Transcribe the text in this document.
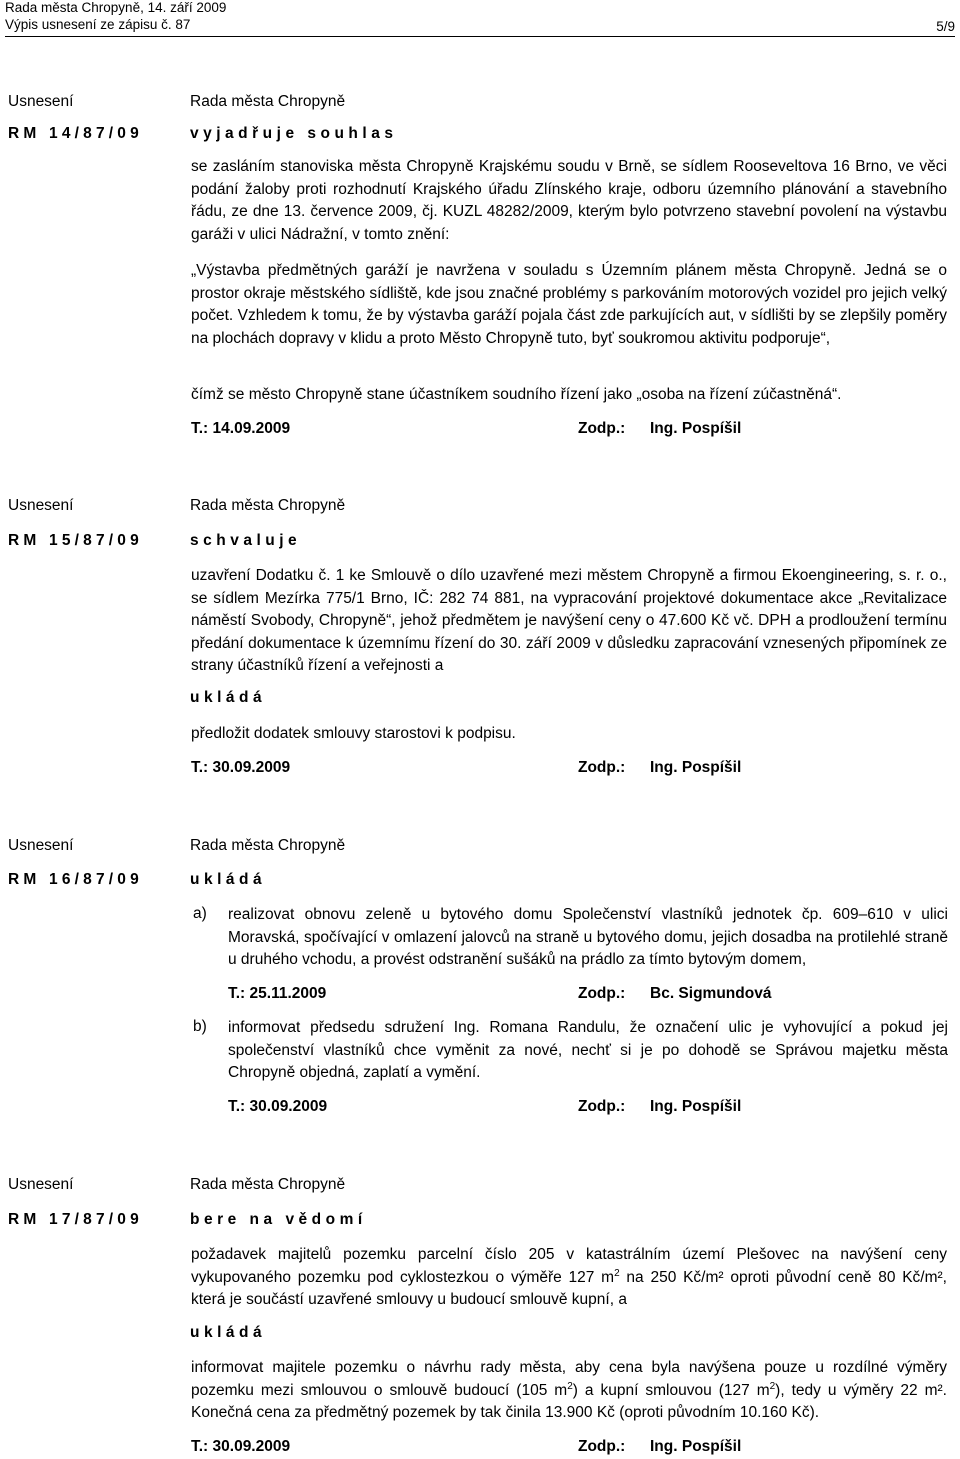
Rada města Chropyně, 14. září 2009
Výpis usnesení ze zápisu č. 87	5/9
Usnesení
RM 14/87/09
Rada města Chropyně
vyjadřuje souhlas

se zasláním stanoviska města Chropyně Krajskému soudu v Brně, se sídlem Rooseveltova 16 Brno, ve věci podání žaloby proti rozhodnutí Krajského úřadu Zlínského kraje, odboru územního plánování a stavebního řádu, ze dne 13. července 2009, čj. KUZL 48282/2009, kterým bylo potvrzeno stavební povolení na výstavbu garáži v ulici Nádražní, v tomto znění:

„Výstavba předmětných garáží je navržena v souladu s Územním plánem města Chropyně. Jedná se o prostor okraje městského sídliště, kde jsou značné problémy s parkováním motorových vozidel pro jejich velký počet. Vzhledem k tomu, že by výstavba garáží pojala část zde parkujících aut, v sídlišti by se zlepšily poměry na plochách dopravy v klidu a proto Město Chropyně tuto, byť soukromou aktivitu podporuje“,

čímž se město Chropyně stane účastníkem soudního řízení jako „osoba na řízení zúčastněná“.

T.: 14.09.2009	Zodp.: Ing. Pospíšil
Usnesení
RM 15/87/09
Rada města Chropyně
schvaluje

uzavření Dodatku č. 1 ke Smlouvě o dílo uzavřené mezi městem Chropyně a firmou Ekoengineering, s. r. o., se sídlem Mezírka 775/1 Brno, IČ: 282 74 881, na vypracování projektové dokumentace akce „Revitalizace náměstí Svobody, Chropyně“, jehož předmětem je navýšení ceny o 47.600 Kč vč. DPH a prodloužení termínu předání dokumentace k územnímu řízení do 30. září 2009 v důsledku zapracování vznesených připomínek ze strany účastníků řízení a veřejnosti a

ukládá

předložit dodatek smlouvy starostovi k podpisu.

T.: 30.09.2009	Zodp.: Ing. Pospíšil
Usnesení
RM 16/87/09
Rada města Chropyně
ukládá
a) realizovat obnovu zeleně u bytového domu Společenství vlastníků jednotek čp. 609–610 v ulici Moravská, spočívající v omlazení jalovců na straně u bytového domu, jejich dosadba na protilehlé straně u druhého vchodu, a provést odstranění sušáků na prádlo za tímto bytovým domem,

T.: 25.11.2009	Zodp.: Bc. Sigmundová
b) informovat předsedu sdružení Ing. Romana Randulu, že označení ulic je vyhovující a pokud jej společenství vlastníků chce vyměnit za nové, nechť si je po dohodě se Správou majetku města Chropyně objedná, zaplatí a vymění.

T.: 30.09.2009	Zodp.: Ing. Pospíšil
Usnesení
RM 17/87/09
Rada města Chropyně
bere na vědomí

požadavek majitelů pozemku parcelní číslo 205 v katastrálním území Plešovec na navýšení ceny vykupovaného pozemku pod cyklostezkou o výměře 127 $m^2$ na 250 Kč/m² oproti původní ceně 80 Kč/m², která je součástí uzavřené smlouvy u budoucí smlouvě kupní, a

ukládá

informovat majitele pozemku o návrhu rady města, aby cena byla navýšena pouze u rozdílné výměry pozemku mezi smlouvou o smlouvě budoucí (105 $m^2$) a kupní smlouvou (127 $m^2$), tedy u výměry 22 m². Konečná cena za předmětný pozemek by tak činila 13.900 Kč (oproti původním 10.160 Kč).

T.: 30.09.2009	Zodp.: Ing. Pospíšil
